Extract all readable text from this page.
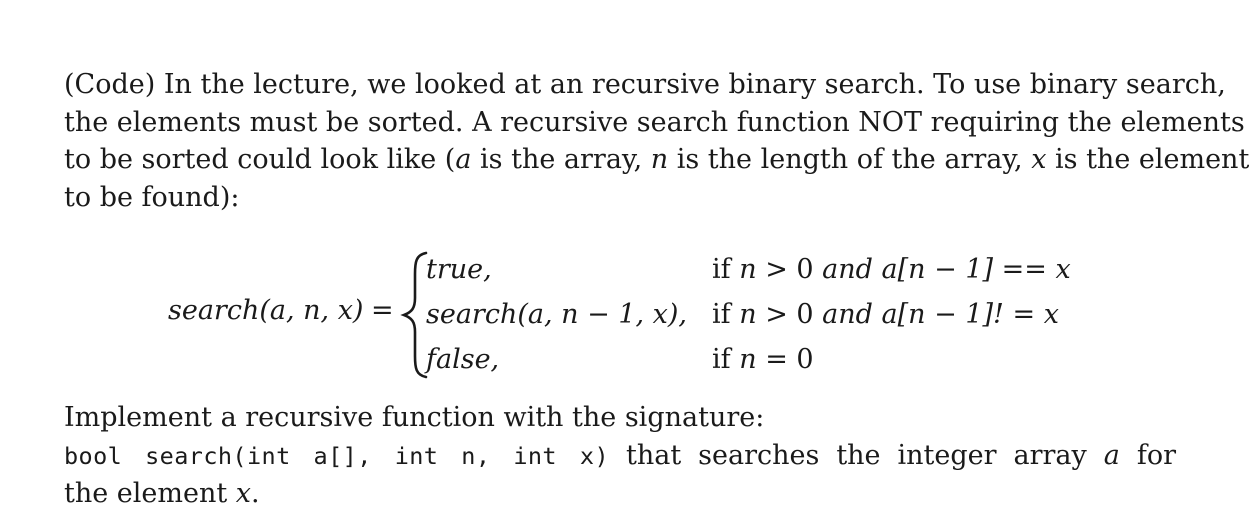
(Code) In the lecture, we looked at an recursive binary search. To use binary search,
the elements must be sorted. A recursive search function NOT requiring the elements
to be sorted could look like (a is the array, n is the length of the array, x is the element
to be found):
search(a, n, x) =
true,	if n > 0 and a[n − 1] == x
search(a, n − 1, x), if n > 0 and a[n − 1]! = x
false,	if n = 0
Implement a recursive function with the signature:
bool search(int a[], int n, int x) that searches the integer array a for
the element x.
